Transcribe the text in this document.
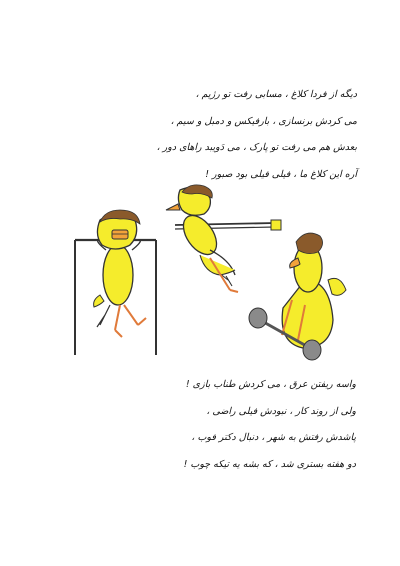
دیگه از فردا کلاغ ، مسابی رفت تو رژیم ،
می کردش برنسازی ، بارفیکس و دمبل و سیم ،
بعدش هم می رفت تو پارک ، می دَویبد راهای دور ،
آره این کلاغ ما ، فیلی فیلی بود صبور !
واسه ریفتن عرق ، می کردش طناب بازی !
ولی از روند کار ، نبودش فیلی راضی ،
پاشدش رفتش به شهر ، دنبال دکتر فوب ،
دو هفته بستری شد ، که بشه یه تیکه چوب !
